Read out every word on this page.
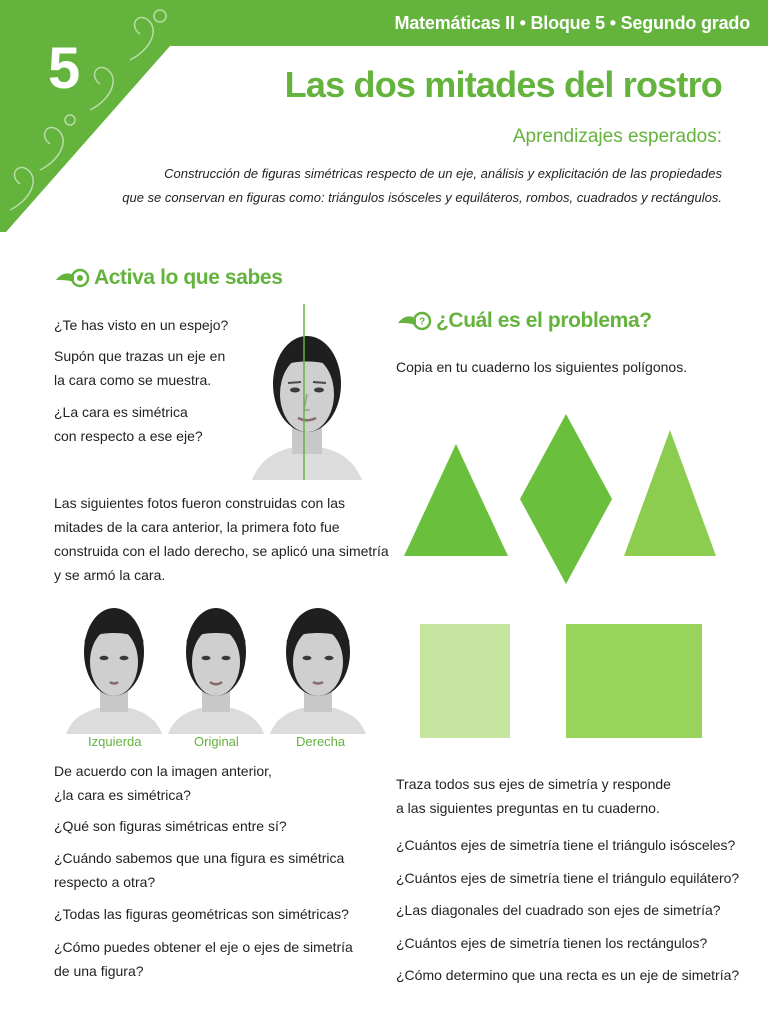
Matemáticas II • Bloque 5 • Segundo grado
5	Las dos mitades del rostro
Aprendizajes esperados:
Construcción de figuras simétricas respecto de un eje, análisis y explicitación de las propiedades
que se conservan en figuras como: triángulos isósceles y equiláteros, rombos, cuadrados y rectángulos.
Activa lo que sabes
¿Te has visto en un espejo?
Supón que trazas un eje en
la cara como se muestra.
¿La cara es simétrica
con respecto a ese eje?
Las siguientes fotos fueron construidas con las
mitades de la cara anterior, la primera foto fue
construida con el lado derecho, se aplicó una simetría
y se armó la cara.
Izquierda	Original	Derecha
De acuerdo con la imagen anterior,
¿la cara es simétrica?
¿Qué son figuras simétricas entre sí?
¿Cuándo sabemos que una figura es simétrica
respecto a otra?
¿Todas las figuras geométricas son simétricas?
¿Cómo puedes obtener el eje o ejes de simetría
de una figura?
? ¿Cuál es el problema?
Copia en tu cuaderno los siguientes polígonos.
Traza todos sus ejes de simetría y responde
a las siguientes preguntas en tu cuaderno.
¿Cuántos ejes de simetría tiene el triángulo isósceles?
¿Cuántos ejes de simetría tiene el triángulo equilátero?
¿Las diagonales del cuadrado son ejes de simetría?
¿Cuántos ejes de simetría tienen los rectángulos?
¿Cómo determino que una recta es un eje de simetría?
